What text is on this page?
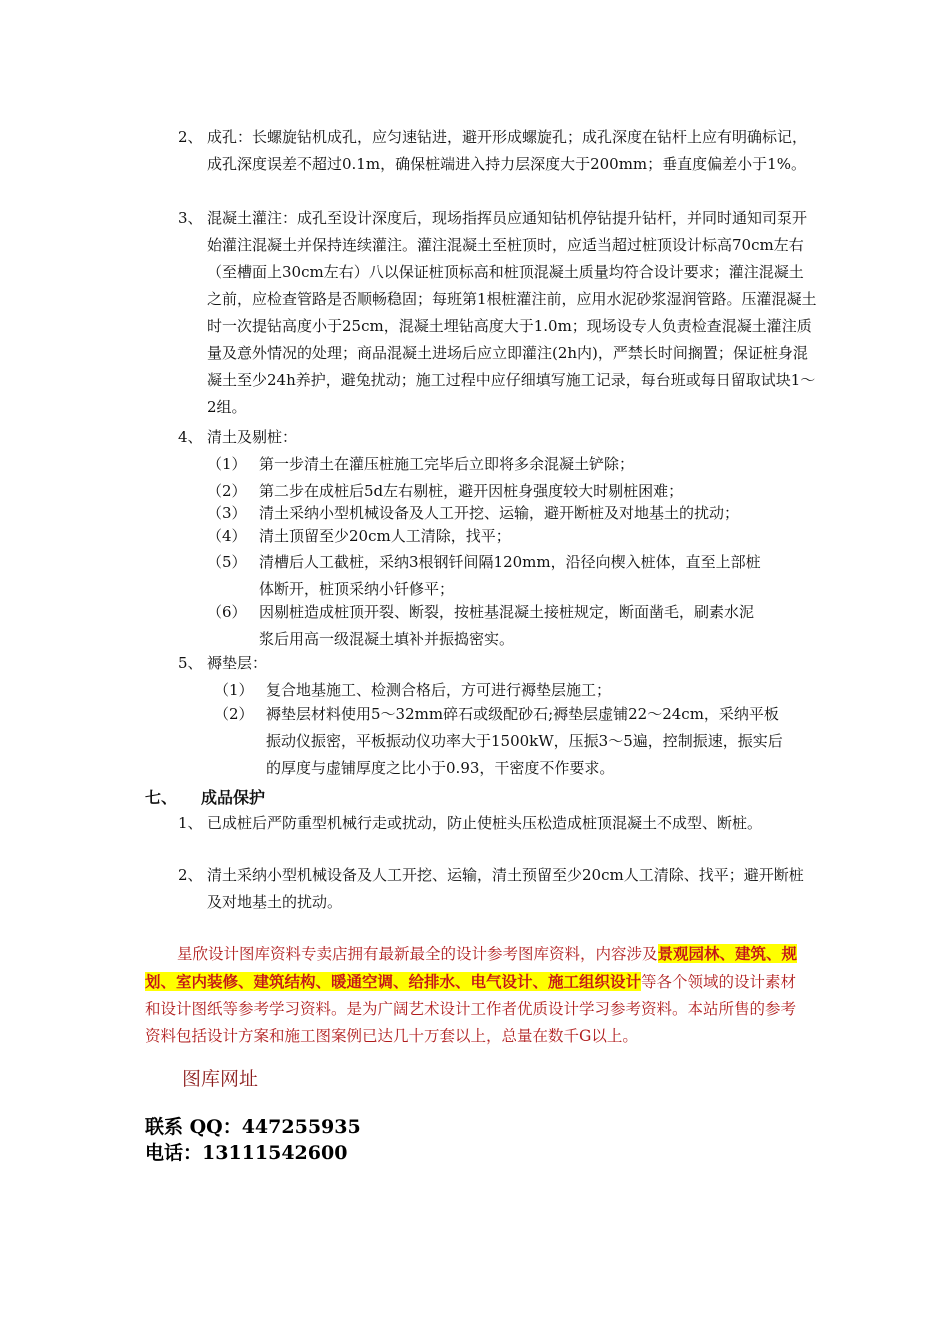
2、 成孔：长螺旋钻机成孔，应匀速钻进，避开形成螺旋孔；成孔深度在钻杆上应有明确标记，成孔深度误差不超过0.1m，确保桩端进入持力层深度大于200mm；垂直度偏差小于1%。
3、 混凝土灌注：成孔至设计深度后，现场指挥员应通知钻机停钻提升钻杆，并同时通知司泵开始灌注混凝土并保持连续灌注。灌注混凝土至桩顶时，应适当超过桩顶设计标高70cm左右（至槽面上30cm左右）八以保证桩顶标高和桩顶混凝土质量均符合设计要求；灌注混凝土之前，应检查管路是否顺畅稳固；每班第1根桩灌注前，应用水泥砂浆湿润管路。压灌混凝土时一次提钻高度小于25cm，混凝土埋钻高度大于1.0m；现场设专人负责检查混凝土灌注质量及意外情况的处理；商品混凝土进场后应立即灌注(2h内)，严禁长时间搁置；保证桩身混凝土至少24h养护，避兔扰动；施工过程中应仔细填写施工记录，每台班或每日留取试块1～2组。
4、 清土及剔桩：
（1） 第一步清土在灌压桩施工完毕后立即将多余混凝土铲除；
（2） 第二步在成桩后5d左右剔桩，避开因桩身强度较大时剔桩困难；
（3） 清土采纳小型机械设备及人工开挖、运输，避开断桩及对地基土的扰动；
（4） 清土顶留至少20cm人工清除，找平；
（5） 清槽后人工截桩，采纳3根钢钎间隔120mm，沿径向楔入桩体，直至上部桩体断开，桩顶采纳小钎修平；
（6） 因剔桩造成桩顶开裂、断裂，按桩基混凝土接桩规定，断面凿毛，刷素水泥浆后用高一级混凝土填补并振捣密实。
5、 褥垫层：
（1） 复合地基施工、检测合格后，方可进行褥垫层施工；
（2） 褥垫层材料使用5～32mm碎石或级配砂石;褥垫层虚铺22～24cm，采纳平板振动仪振密，平板振动仪功率大于1500kW，压振3～5遍，控制振速，振实后的厚度与虚铺厚度之比小于0.93，干密度不作要求。
七、 成品保护
1、 已成桩后严防重型机械行走或扰动，防止使桩头压松造成桩顶混凝土不成型、断桩。
2、 清土采纳小型机械设备及人工开挖、运输，清土预留至少20cm人工清除、找平；避开断桩及对地基土的扰动。
星欣设计图库资料专卖店拥有最新最全的设计参考图库资料，内容涉及景观园林、建筑、规划、室内装修、建筑结构、暖通空调、给排水、电气设计、施工组织设计等各个领域的设计素材和设计图纸等参考学习资料。是为广阔艺术设计工作者优质设计学习参考资料。本站所售的参考资料包括设计方案和施工图案例已达几十万套以上，总量在数千G以上。
图库网址
联系 QQ：447255935
电话：13111542600
